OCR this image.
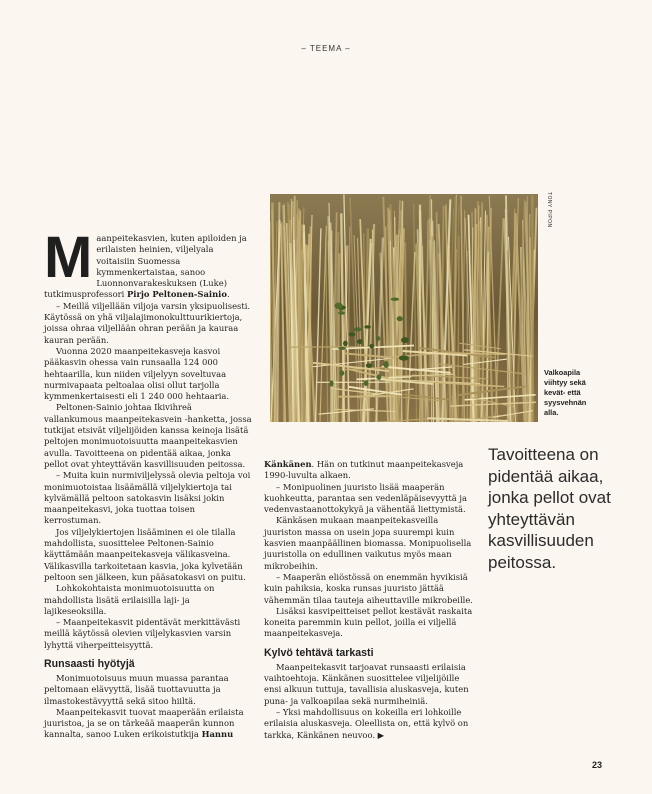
– TEEMA –
TONY PIPON
Valkoapila viihtyy sekä kevät- että syysvehnän alla.
M aanpeitekasvien, kuten apiloiden ja erilaisten heinien, viljelyala voitaisiin Suomessa kymmenkertaistaa, sanoo Luonnonvarakeskuksen (Luke) tutkimusprofessori Pirjo Peltonen-Sainio.

– Meillä viljellään viljoja varsin yksipuolisesti. Käytössä on yhä viljalajimonokulttuurikiertoja, joissa ohraa viljellään ohran perään ja kauraa kauran perään.

Vuonna 2020 maanpeitekasveja kasvoi pääkasvin ohessa vain runsaalla 124 000 hehtaarilla, kun niiden viljelyyn soveltuvaa nurmivapaata peltoalaa olisi ollut tarjolla kymmenkertaisesti eli 1 240 000 hehtaaria.

Peltonen-Sainio johtaa Ikivihreä vallankumous maanpeitekasvein -hanketta, jossa tutkijat etsivät viljelijöiden kanssa keinoja lisätä peltojen monimuotoisuutta maanpeitekasvien avulla. Tavoitteena on pidentää aikaa, jonka pellot ovat yhteyttävän kasvillisuuden peitossa.

– Muita kuin nurmiviljelyssä olevia peltoja voi monimuotoistaa lisäämällä viljelykiertoja tai kylvämällä peltoon satokasvin lisäksi jokin maanpeitekasvi, joka tuottaa toisen kerrostuman.

Jos viljelykiertojen lisääminen ei ole tilalla mahdollista, suosittelee Peltonen-Sainio käyttämään maanpeitekasveja välikasveina. Välikasvilla tarkoitetaan kasvia, joka kylvetään peltoon sen jälkeen, kun pääsatokasvi on puitu.

Lohkokohtaista monimuotoisuutta on mahdollista lisätä erilaisilla laji- ja lajikeseoksilla.

– Maanpeitekasvit pidentävät merkittävästi meillä käytössä olevien viljelykasvien varsin lyhyttä viherpeitteisyyttä.

Runsaasti hyötyjä

Monimuotoisuus muun muassa parantaa peltomaan elävyyttä, lisää tuottavuutta ja ilmastokestävyyttä sekä sitoo hiiltä.

Maanpeitekasvit tuovat maaperään erilaista juuristoa, ja se on tärkeää maaperän kunnon kannalta, sanoo Luken erikoistutkija Hannu

Känkänen. Hän on tutkinut maanpeitekasveja 1990-luvulta alkaen.

– Monipuolinen juuristo lisää maaperän kuohkeutta, parantaa sen vedenläpäisevyyttä ja vedenvastaanottokykyä ja vähentää liettymistä.

Känkäsen mukaan maanpeitekasveilla juuriston massa on usein jopa suurempi kuin kasvien maanpäällinen biomassa. Monipuolisella juuristolla on edullinen vaikutus myös maan mikrobeihin.

– Maaperän eliöstössä on enemmän hyvikisiä kuin pahiksia, koska runsas juuristo jättää vähemmän tilaa tauteja aiheuttaville mikrobeille.

Lisäksi kasvipeitteiset pellot kestävät raskaita koneita paremmin kuin pellot, joilla ei viljellä maanpeitekasveja.

Kylvö tehtävä tarkasti

Maanpeitekasvit tarjoavat runsaasti erilaisia vaihtoehtoja. Känkänen suosittelee viljelijöille ensi alkuun tuttuja, tavallisia aluskasveja, kuten puna- ja valkoapilaa sekä nurmiheiniä.

– Yksi mahdollisuus on kokeilla eri lohkoille erilaisia aluskasveja. Oleellista on, että kylvö on tarkka, Känkänen neuvoo. ▶

Tavoitteena on pidentää aikaa, jonka pellot ovat yhteyttävän kasvillisuuden peitossa.
23
